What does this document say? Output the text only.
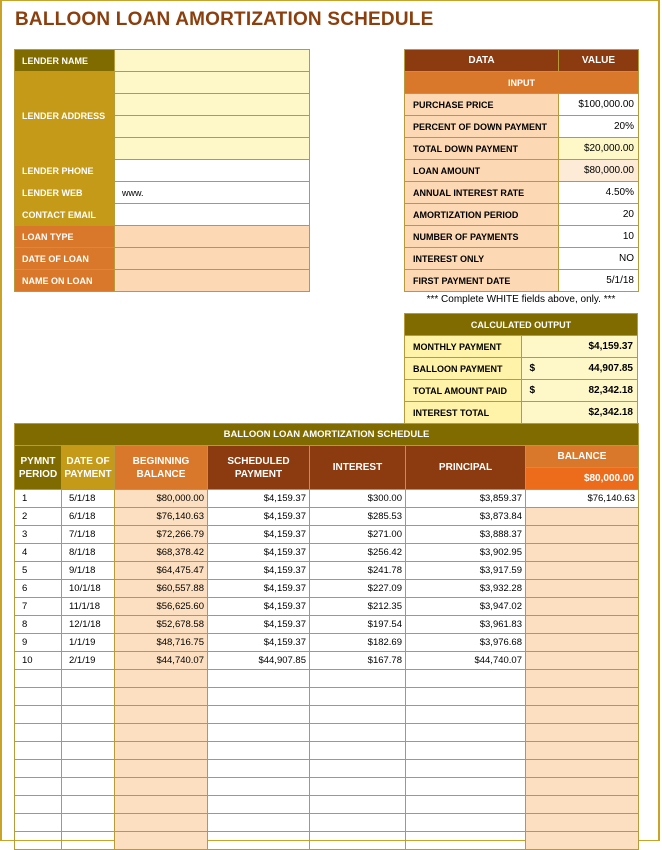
BALLOON LOAN AMORTIZATION SCHEDULE
LENDER NAME	
LENDER ADDRESS	

LENDER PHONE	
LENDER WEB	www.
CONTACT EMAIL	
LOAN TYPE	
DATE OF LOAN	
NAME ON LOAN	
DATA	VALUE
INPUT	
PURCHASE PRICE	$100,000.00
PERCENT OF DOWN PAYMENT	20%
TOTAL DOWN PAYMENT	$20,000.00
LOAN AMOUNT	$80,000.00
ANNUAL INTEREST RATE	4.50%
AMORTIZATION PERIOD	20
NUMBER OF PAYMENTS	10
INTEREST ONLY	NO
FIRST PAYMENT DATE	5/1/18
*** Complete WHITE fields above, only. ***
CALCULATED OUTPUT	
MONTHLY PAYMENT	$4,159.37

BALLOON PAYMENT	$ 44,907.85

TOTAL AMOUNT PAID	$ 82,342.18

INTEREST TOTAL	$2,342.18
BALLOON LOAN AMORTIZATION SCHEDULE						
PYMNT PERIOD	DATE OF PAYMENT	BEGINNING BALANCE	SCHEDULED PAYMENT	INTEREST	PRINCIPAL	BALANCE
						$80,000.00
1	5/1/18	$80,000.00	$4,159.37	$300.00	$3,859.37	$76,140.63
2	6/1/18	$76,140.63	$4,159.37	$285.53	$3,873.84	
3	7/1/18	$72,266.79	$4,159.37	$271.00	$3,888.37	
4	8/1/18	$68,378.42	$4,159.37	$256.42	$3,902.95	
5	9/1/18	$64,475.47	$4,159.37	$241.78	$3,917.59	
6	10/1/18	$60,557.88	$4,159.37	$227.09	$3,932.28	
7	11/1/18	$56,625.60	$4,159.37	$212.35	$3,947.02	
8	12/1/18	$52,678.58	$4,159.37	$197.54	$3,961.83	
9	1/1/19	$48,716.75	$4,159.37	$182.69	$3,976.68	
10	2/1/19	$44,740.07	$44,907.85	$167.78	$44,740.07	
